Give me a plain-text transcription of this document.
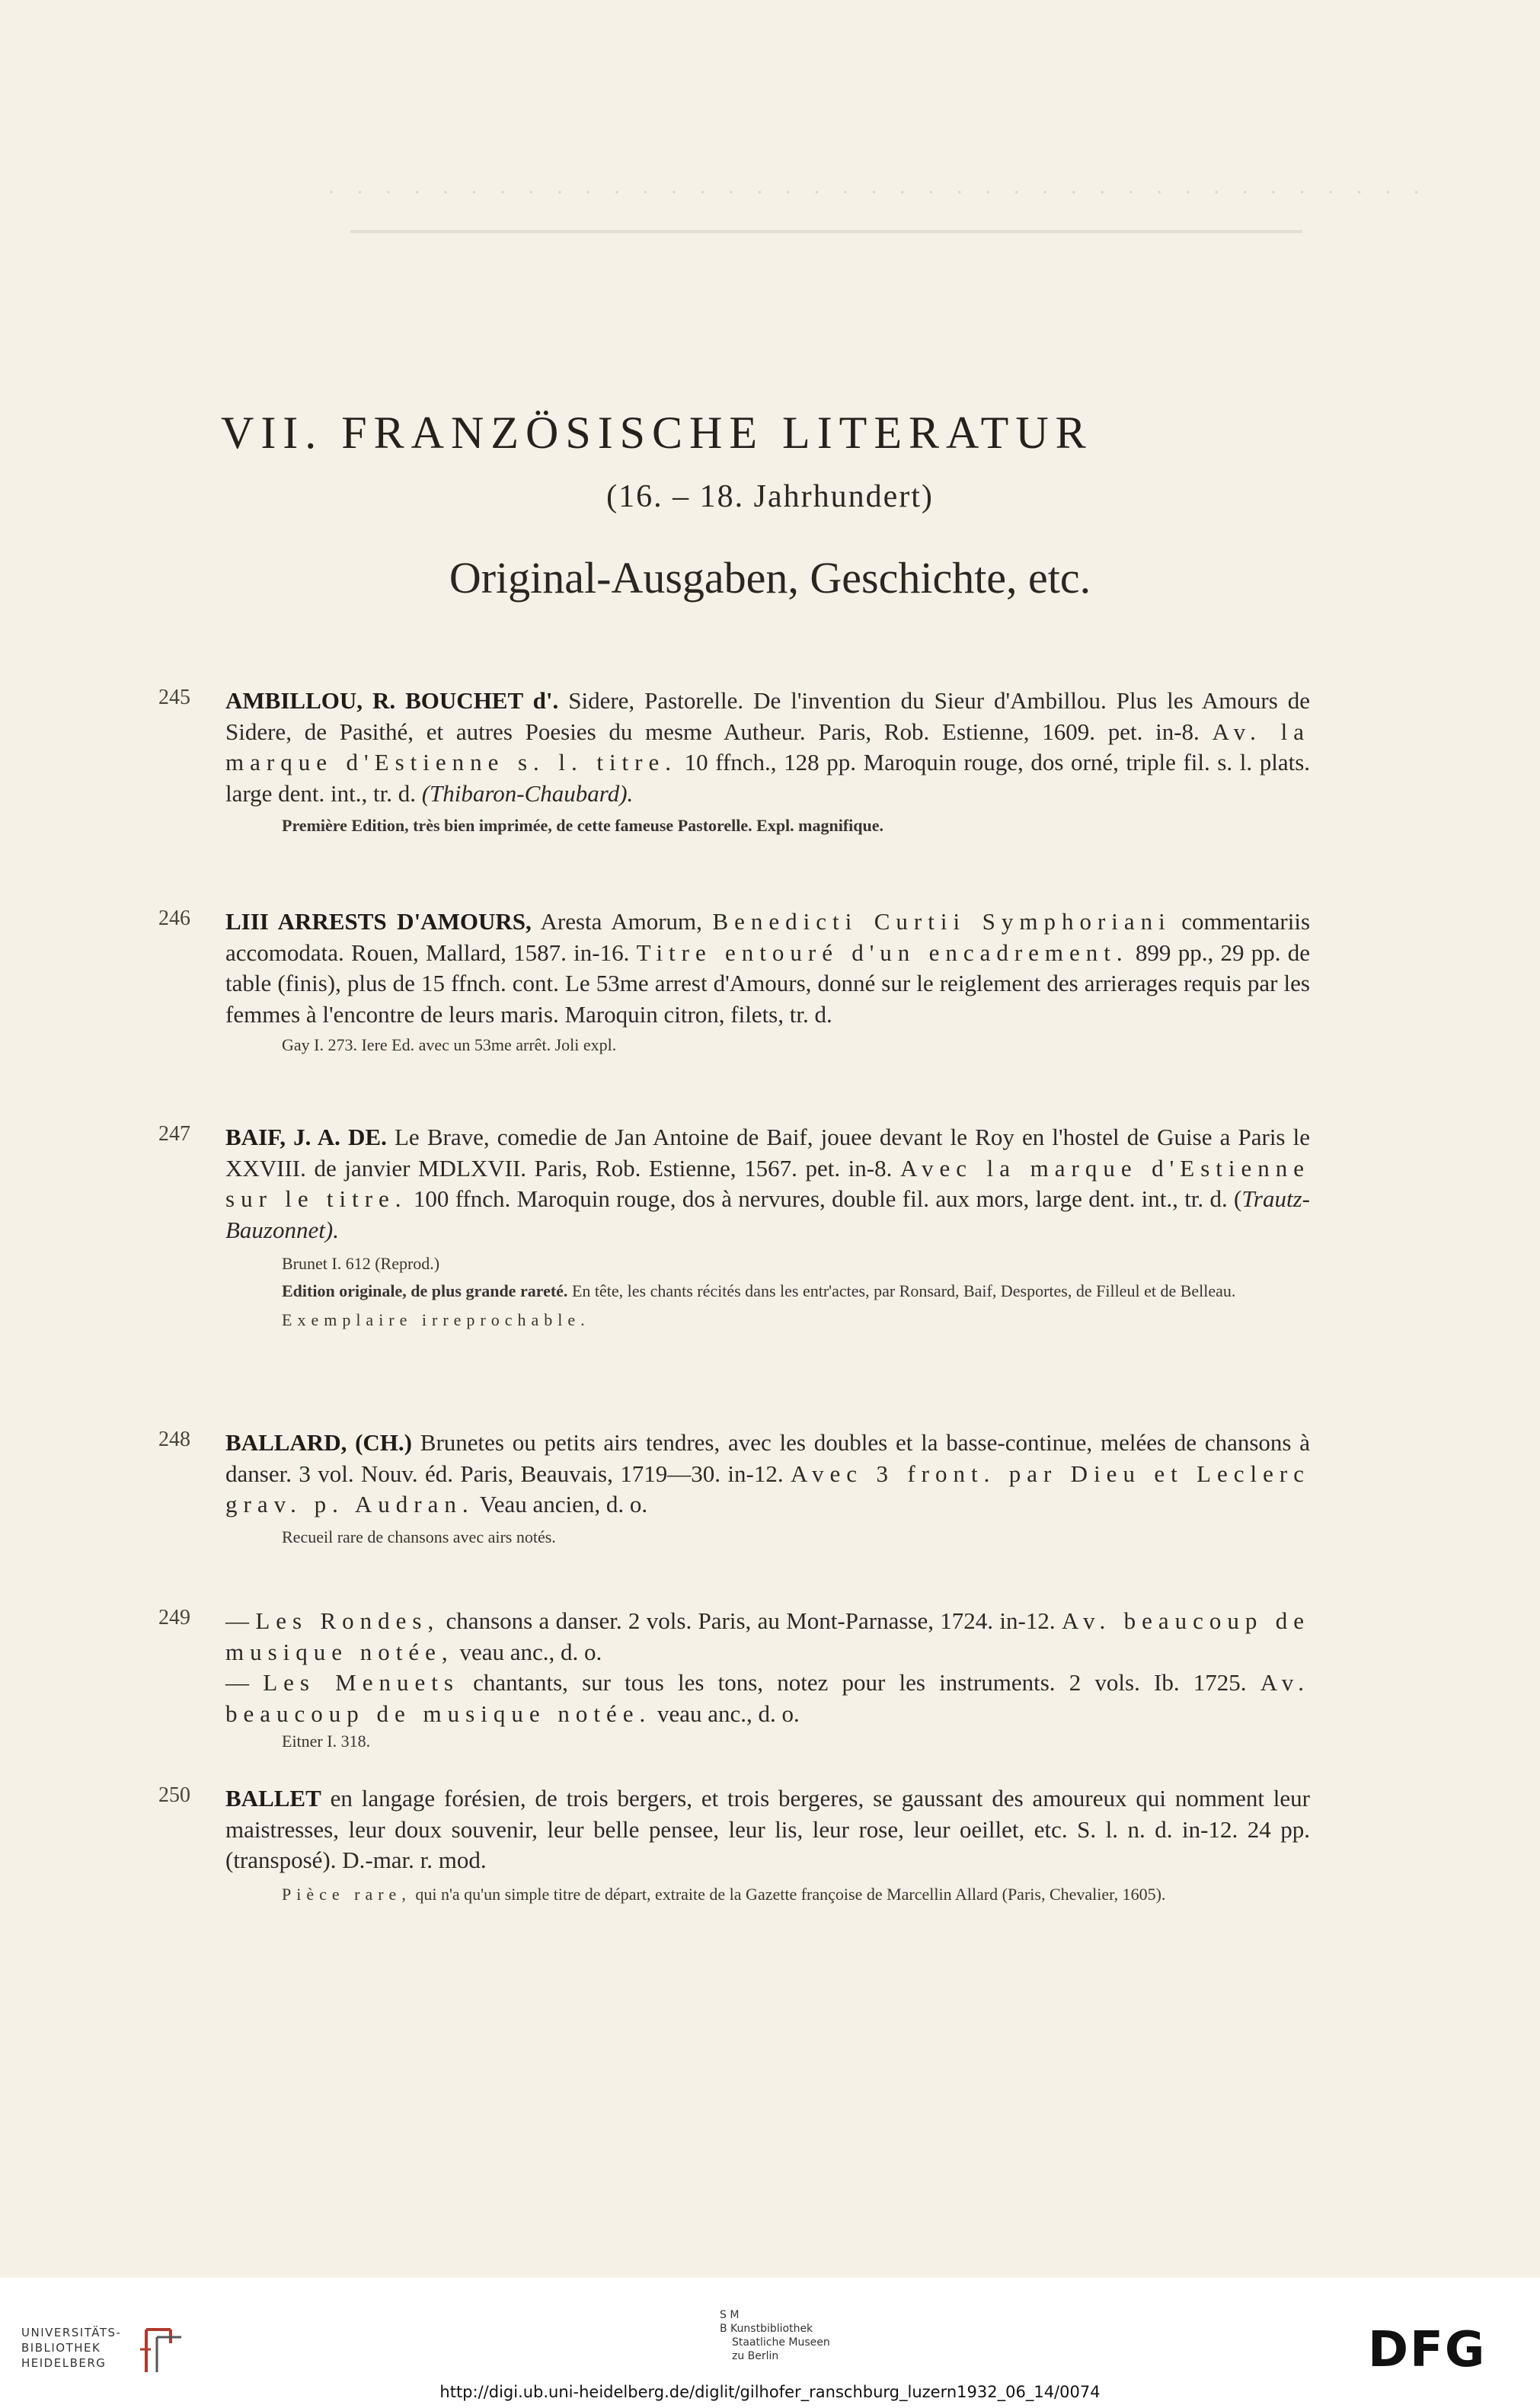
· · · · · · · · · · · · · · · · · · · · · · · · · · · · · · · · · · · · · · ·
VII. FRANZÖSISCHE LITERATUR
(16. – 18. Jahrhundert)
Original-Ausgaben, Geschichte, etc.
245 AMBILLOU, R. BOUCHET d'. Sidere, Pastorelle. De l'invention du Sieur d'Ambillou. Plus les Amours de Sidere, de Pasithé, et autres Poesies du mesme Autheur. Paris, Rob. Estienne, 1609. pet. in-8. Av. la marque d'Estienne s. l. titre. 10 ffnch., 128 pp. Maroquin rouge, dos orné, triple fil. s. l. plats. large dent. int., tr. d. (Thibaron-Chaubard).
Première Edition, très bien imprimée, de cette fameuse Pastorelle. Expl. magnifique.
246 LIII ARRESTS D'AMOURS, Aresta Amorum, Benedicti Curtii Symphoriani commentariis accomodata. Rouen, Mallard, 1587. in-16. Titre entouré d'un encadrement. 899 pp., 29 pp. de table (finis), plus de 15 ffnch. cont. Le 53me arrest d'Amours, donné sur le reiglement des arrierages requis par les femmes à l'encontre de leurs maris. Maroquin citron, filets, tr. d.
Gay I. 273. Iere Ed. avec un 53me arrêt. Joli expl.
247 BAIF, J. A. DE. Le Brave, comedie de Jan Antoine de Baif, jouee devant le Roy en l'hostel de Guise a Paris le XXVIII. de janvier MDLXVII. Paris, Rob. Estienne, 1567. pet. in-8. Avec la marque d'Estienne sur le titre. 100 ffnch. Maroquin rouge, dos à nervures, double fil. aux mors, large dent. int., tr. d. (Trautz-Bauzonnet).
Brunet I. 612 (Reprod.)
Edition originale, de plus grande rareté. En tête, les chants récités dans les entr'actes, par Ronsard, Baif, Desportes, de Filleul et de Belleau.
Exemplaire irreprochable.
248 BALLARD, (CH.) Brunetes ou petits airs tendres, avec les doubles et la basse-continue, melées de chansons à danser. 3 vol. Nouv. éd. Paris, Beauvais, 1719—30. in-12. Avec 3 front. par Dieu et Leclerc grav. p. Audran. Veau ancien, d. o.
Recueil rare de chansons avec airs notés.
249 — Les Rondes, chansons a danser. 2 vols. Paris, au Mont-Parnasse, 1724. in-12. Av. beaucoup de musique notée, veau anc., d. o.
— Les Menuets chantants, sur tous les tons, notez pour les instruments. 2 vols. Ib. 1725. Av. beaucoup de musique notée. veau anc., d. o.
Eitner I. 318.
250 BALLET en langage forésien, de trois bergers, et trois bergeres, se gaussant des amoureux qui nomment leur maistresses, leur doux souvenir, leur belle pensee, leur lis, leur rose, leur oeillet, etc. S. l. n. d. in-12. 24 pp. (transposé). D.-mar. r. mod.
Pièce rare, qui n'a qu'un simple titre de départ, extraite de la Gazette françoise de Marcellin Allard (Paris, Chevalier, 1605).
UNIVERSITÄTS-
BIBLIOTHEK
HEIDELBERG
S M
B Kunstbibliothek
Staatliche Museen
zu Berlin	DFG
http://digi.ub.uni-heidelberg.de/diglit/gilhofer_ranschburg_luzern1932_06_14/0074
